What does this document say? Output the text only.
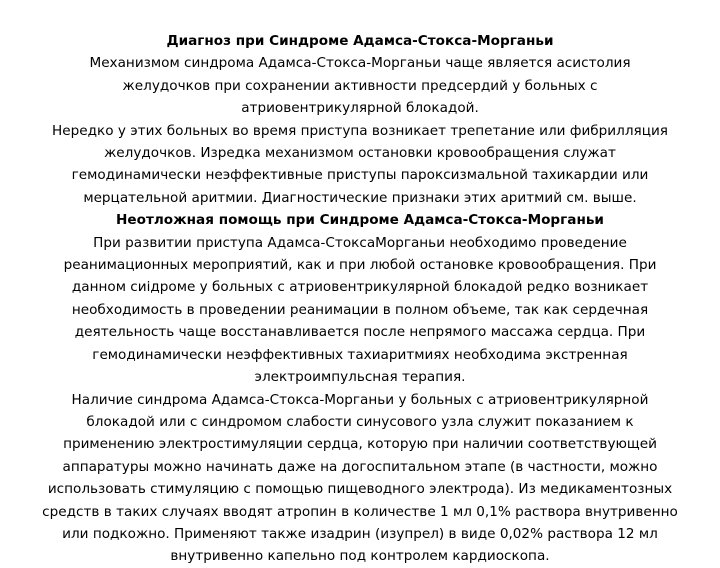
Диагноз при Синдроме Адамса-Стокса-Морганьи

Механизмом синдрома Адамса-Стокса-Морганьи чаще является асистолия

желудочков при сохранении активности предсердий у больных с

атриовентрикулярной блокадой.

Нередко у этих больных во время приступа возникает трепетание или фибрилляция

желудочков. Изредка механизмом остановки кровообращения служат

гемодинамически неэффективные приступы пароксизмальной тахикардии или

мерцательной аритмии. Диагностические признаки этих аритмий см. выше.

Неотложная помощь при Синдроме Адамса-Стокса-Морганьи

При развитии приступа Адамса-СтоксаМорганьи необходимо проведение

реанимационных мероприятий, как и при любой остановке кровообращения. При

данном сиідроме у больных с атриовентрикулярной блокадой редко возникает

необходимость в проведении реанимации в полном объеме, так как сердечная

деятельность чаще восстанавливается после непрямого массажа сердца. При

гемодинамически неэффективных тахиаритмиях необходима экстренная

электроимпульсная терапия.

Наличие синдрома Адамса-Стокса-Морганьи у больных с атриовентрикулярной

блокадой или с синдромом слабости синусового узла служит показанием к

применению электростимуляции сердца, которую при наличии соответствующей

аппаратуры можно начинать даже на догоспитальном этапе (в частности, можно

использовать стимуляцию с помощью пищеводного электрода). Из медикаментозных

средств в таких случаях вводят атропин в количестве 1 мл 0,1% раствора внутривенно

или подкожно. Применяют также изадрин (изупрел) в виде 0,02% раствора 12 мл

внутривенно капельно под контролем кардиоскопа.
